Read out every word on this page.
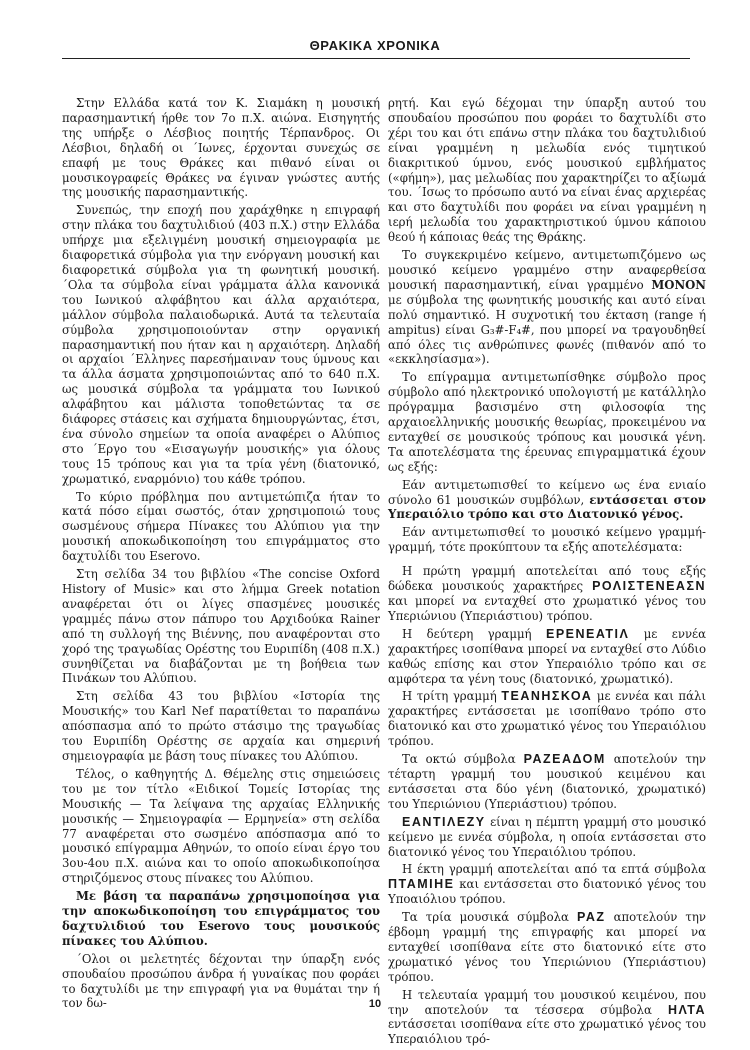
ΘΡΑΚΙΚΑ ΧΡΟΝΙΚΑ

Στην Ελλάδα κατά τον Κ. Σιαμάκη η μουσική παρασημαντική ήρθε τον 7ο π.Χ. αιώνα. Εισηγητής της υπήρξε ο Λέσβιος ποιητής Τέρπανδρος. Οι Λέσβιοι, δηλαδή οι ΄Ιωνες, έρχονται συνεχώς σε επαφή με τους Θράκες και πιθανό είναι οι μουσικογραφείς Θράκες να έγιναν γνώστες αυτής της μουσικής παρασημαντικής.

Συνεπώς, την εποχή που χαράχθηκε η επιγραφή στην πλάκα του δαχτυλιδιού (403 π.Χ.) στην Ελλάδα υπήρχε μια εξελιγμένη μουσική σημειογραφία με διαφορετικά σύμβολα για την ενόργανη μουσική και διαφορετικά σύμβολα για τη φωνητική μουσική. ΄Ολα τα σύμβολα είναι γράμματα άλλα κανονικά του Ιωνικού αλφάβητου και άλλα αρχαιότερα, μάλλον σύμβολα παλαιοδωρικά. Αυτά τα τελευταία σύμβολα χρησιμοποιούνταν στην οργανική παρασημαντική που ήταν και η αρχαιότερη. Δηλαδή οι αρχαίοι ΄Ελληνες παρεσήμαιναν τους ύμνους και τα άλλα άσματα χρησιμοποιώντας από το 640 π.Χ. ως μουσικά σύμβολα τα γράμματα του Ιωνικού αλφάβητου και μάλιστα τοποθετώντας τα σε διάφορες στάσεις και σχήματα δημιουργώντας, έτσι, ένα σύνολο σημείων τα οποία αναφέρει ο Αλύπιος στο ΄Εργο του «Εισαγωγήν μουσικής» για όλους τους 15 τρόπους και για τα τρία γένη (διατονικό, χρωματικό, εναρμόνιο) του κάθε τρόπου.

Το κύριο πρόβλημα που αντιμετώπιζα ήταν το κατά πόσο είμαι σωστός, όταν χρησιμοποιώ τους σωσμένους σήμερα Πίνακες του Αλύπιου για την μουσική αποκωδικοποίηση του επιγράμματος στο δαχτυλίδι του Eserovo.

Στη σελίδα 34 του βιβλίου «The concise Oxford History of Music» και στο λήμμα Greek notation αναφέρεται ότι οι λίγες σπασμένες μουσικές γραμμές πάνω στον πάπυρο του Αρχιδούκα Rainer από τη συλλογή της Βιέννης, που αναφέρονται στο χορό της τραγωδίας Ορέστης του Ευριπίδη (408 π.Χ.) συνηθίζεται να διαβάζονται με τη βοήθεια των Πινάκων του Αλύπιου.

Στη σελίδα 43 του βιβλίου «Ιστορία της Μουσικής» του Karl Nef παρατίθεται το παραπάνω απόσπασμα από το πρώτο στάσιμο της τραγωδίας του Ευριπίδη Ορέστης σε αρχαία και σημερινή σημειογραφία με βάση τους πίνακες του Αλύπιου.

Τέλος, ο καθηγητής Δ. Θέμελης στις σημειώσεις του με τον τίτλο «Ειδικοί Τομείς Ιστορίας της Μουσικής — Τα λείψανα της αρχαίας Ελληνικής μουσικής — Σημειογραφία — Ερμηνεία» στη σελίδα 77 αναφέρεται στο σωσμένο απόσπασμα από το μουσικό επίγραμμα Αθηνών, το οποίο είναι έργο του 3ου-4ου π.Χ. αιώνα και το οποίο αποκωδικοποίησα στηριζόμενος στους πίνακες του Αλύπιου.

Με βάση τα παραπάνω χρησιμοποίησα για την αποκωδικοποίηση του επιγράμματος του δαχτυλιδιού του Eserovo τους μουσικούς πίνακες του Αλύπιου.

΄Ολοι οι μελετητές δέχονται την ύπαρξη ενός σπουδαίου προσώπου άνδρα ή γυναίκας που φοράει το δαχτυλίδι με την επιγραφή για να θυμάται την ή τον δω-

ρητή. Και εγώ δέχομαι την ύπαρξη αυτού του σπουδαίου προσώπου που φοράει το δαχτυλίδι στο χέρι του και ότι επάνω στην πλάκα του δαχτυλιδιού είναι γραμμένη η μελωδία ενός τιμητικού διακριτικού ύμνου, ενός μουσικού εμβλήματος («φήμη»), μας μελωδίας που χαρακτηρίζει το αξίωμά του. ΄Ισως το πρόσωπο αυτό να είναι ένας αρχιερέας και στο δαχτυλίδι που φοράει να είναι γραμμένη η ιερή μελωδία του χαρακτηριστικού ύμνου κάποιου θεού ή κάποιας θεάς της Θράκης.

Το συγκεκριμένο κείμενο, αντιμετωπιζόμενο ως μουσικό κείμενο γραμμένο στην αναφερθείσα μουσική παρασημαντική, είναι γραμμένο ΜΟΝΟΝ με σύμβολα της φωνητικής μουσικής και αυτό είναι πολύ σημαντικό. Η συχνοτική του έκταση (range ή ampitus) είναι G₃#-F₄#, που μπορεί να τραγουδηθεί από όλες τις ανθρώπινες φωνές (πιθανόν από το «εκκλησίασμα»).

Το επίγραμμα αντιμετωπίσθηκε σύμβολο προς σύμβολο από ηλεκτρονικό υπολογιστή με κατάλληλο πρόγραμμα βασισμένο στη φιλοσοφία της αρχαιοελληνικής μουσικής θεωρίας, προκειμένου να ενταχθεί σε μουσικούς τρόπους και μουσικά γένη. Τα αποτελέσματα της έρευνας επιγραμματικά έχουν ως εξής:

Εάν αντιμετωπισθεί το κείμενο ως ένα ενιαίο σύνολο 61 μουσικών συμβόλων, εντάσσεται στον Υπεραιόλιο τρόπο και στο Διατονικό γένος.

Εάν αντιμετωπισθεί το μουσικό κείμενο γραμμή-γραμμή, τότε προκύπτουν τα εξής αποτελέσματα:

Η πρώτη γραμμή αποτελείται από τους εξής δώδεκα μουσικούς χαρακτήρες ΡΟΛΙΣΤΕΝΕΑΣΝ και μπορεί να ενταχθεί στο χρωματικό γένος του Υπεριώνιου (Υπεριάστιου) τρόπου.

Η δεύτερη γραμμή ΕΡΕΝΕΑΤΙΛ με εννέα χαρακτήρες ισοπίθανα μπορεί να ενταχθεί στο Λύδιο καθώς επίσης και στον Υπεραιόλιο τρόπο και σε αμφότερα τα γένη τους (διατονικό, χρωματικό).

Η τρίτη γραμμή ΤΕΑΝΗΣΚΟΑ με εννέα και πάλι χαρακτήρες εντάσσεται με ισοπίθανο τρόπο στο διατονικό και στο χρωματικό γένος του Υπεραιόλιου τρόπου.

Τα οκτώ σύμβολα ΡΑΖΕΑΔΟΜ αποτελούν την τέταρτη γραμμή του μουσικού κειμένου και εντάσσεται στα δύο γένη (διατονικό, χρωματικό) του Υπεριώνιου (Υπεριάστιου) τρόπου.

ΕΑΝΤΙΛΕΖΥ είναι η πέμπτη γραμμή στο μουσικό κείμενο με εννέα σύμβολα, η οποία εντάσσεται στο διατονικό γένος του Υπεραιόλιου τρόπου.

Η έκτη γραμμή αποτελείται από τα επτά σύμβολα ΠΤΑΜΙΗΕ και εντάσσεται στο διατονικό γένος του Υποαιόλιου τρόπου.

Τα τρία μουσικά σύμβολα ΡΑΖ αποτελούν την έβδομη γραμμή της επιγραφής και μπορεί να ενταχθεί ισοπίθανα είτε στο διατονικό είτε στο χρωματικό γένος του Υπεριώνιου (Υπεριάστιου) τρόπου.

Η τελευταία γραμμή του μουσικού κειμένου, που την αποτελούν τα τέσσερα σύμβολα ΗΛΤΑ εντάσσεται ισοπίθανα είτε στο χρωματικό γένος του Υπεραιόλιου τρό-

10
